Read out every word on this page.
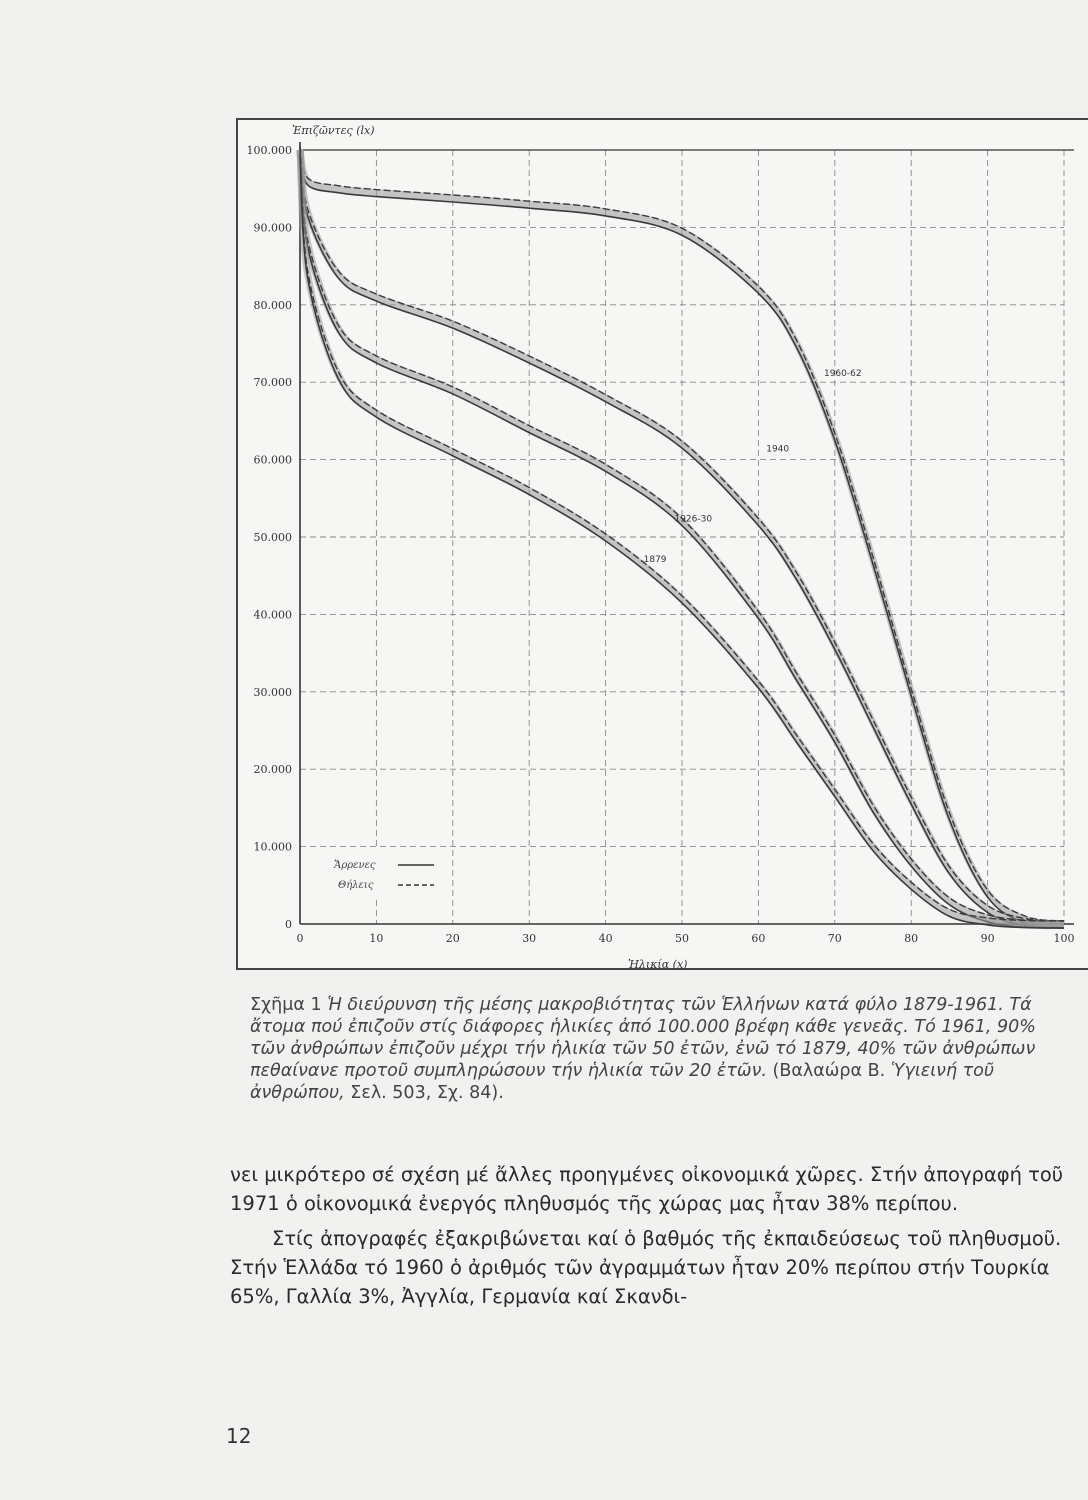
0	10	20	30	40	50	60	70	80	90	100
0
10.000
20.000
30.000
40.000
50.000
60.000
70.000
80.000
90.000
100.000
1960-62
1940
1926-30
1879
Ἐπιζῶντες (lx)
Ἡλικία (x)
Ἄρρενες
Θήλεις
Σχῆμα 1 Ἡ διεύρυνση τῆς μέσης μακροβιότητας τῶν Ἑλλήνων κατά φύλο 1879-1961. Τά ἄτομα πού ἐπιζοῦν στίς διάφορες ἡλικίες ἀπό 100.000 βρέφη κάθε γενεᾶς. Τό 1961, 90% τῶν ἀνθρώπων ἐπιζοῦν μέχρι τήν ἡλικία τῶν 50 ἐτῶν, ἐνῶ τό 1879, 40% τῶν ἀνθρώπων πεθαίνανε προτοῦ συμπληρώσουν τήν ἡλικία τῶν 20 ἐτῶν. (Βαλαώρα Β. Ὑγιεινή τοῦ ἀνθρώπου, Σελ. 503, Σχ. 84).

νει μικρότερο σέ σχέση μέ ἄλλες προηγμένες οἰκονομικά χῶρες. Στήν ἀπογραφή τοῦ 1971 ὁ οἰκονομικά ἐνεργός πληθυσμός τῆς χώρας μας ἦταν 38% περίπου.

Στίς ἀπογραφές ἐξακριβώνεται καί ὁ βαθμός τῆς ἐκπαιδεύσεως τοῦ πληθυσμοῦ. Στήν Ἑλλάδα τό 1960 ὁ ἀριθμός τῶν ἀγραμμάτων ἦταν 20% περίπου στήν Τουρκία 65%, Γαλλία 3%, Ἀγγλία, Γερμανία καί Σκανδι-

12
